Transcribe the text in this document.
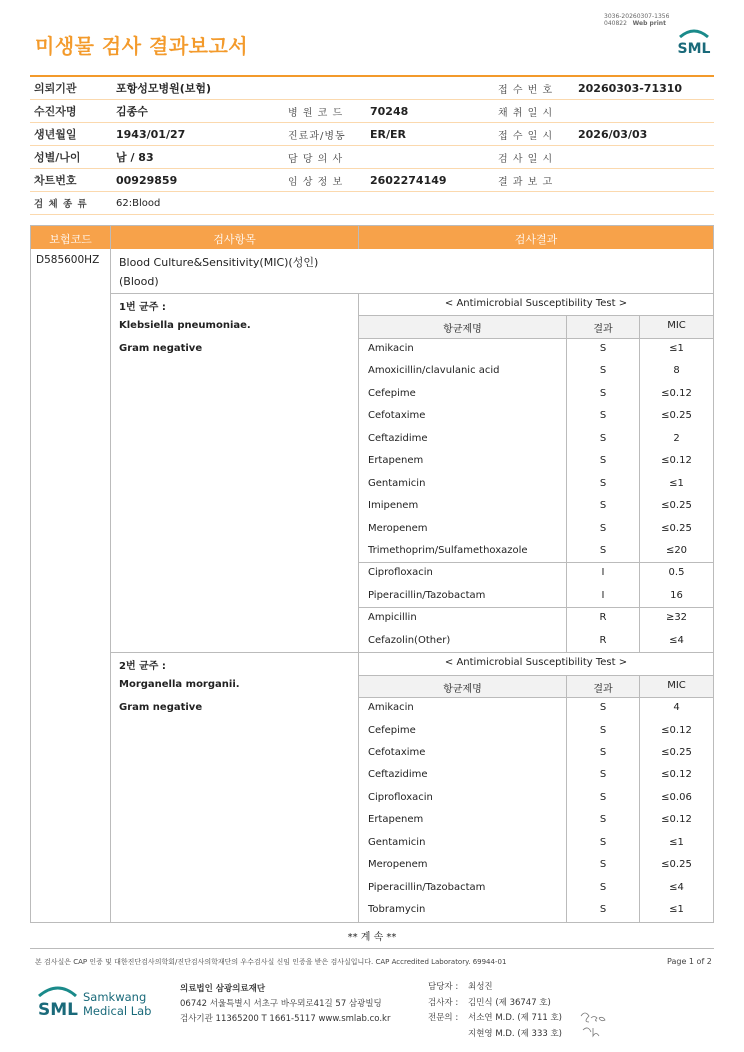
미생물 검사 결과보고서
3036-20260307-1356
040822 Web print
SML
의뢰기관	포항성모병원(보험)			접 수 번 호	20260303-71310
수진자명	김종수	병 원 코 드	70248	채 취 일 시	
생년월일	1943/01/27	진료과/병동	ER/ER	접 수 일 시	2026/03/03
성별/나이	남 / 83	담 당 의 사		검 사 일 시	
차트번호	00929859	임 상 정 보	2602274149	결 과 보 고	
검 체 종 류	62:Blood				
보험코드	검사항목	검사결과
D585600HZ Blood Culture&Sensitivity(MIC)(성인)
(Blood)
1번 균주 :
Klebsiella pneumoniae.
Gram negative
< Antimicrobial Susceptibility Test >
항균제명	결과	MIC
Amikacin	S	≤1
Amoxicillin/clavulanic acid	S	8
Cefepime	S	≤0.12
Cefotaxime	S	≤0.25
Ceftazidime	S	2
Ertapenem	S	≤0.12
Gentamicin	S	≤1
Imipenem	S	≤0.25
Meropenem	S	≤0.25
Trimethoprim/Sulfamethoxazole	S	≤20
Ciprofloxacin	I	0.5
Piperacillin/Tazobactam	I	16
Ampicillin	R	≥32
Cefazolin(Other)	R	≤4
2번 균주 :
Morganella morganii.
Gram negative
< Antimicrobial Susceptibility Test >
항균제명	결과	MIC
Amikacin	S	4
Cefepime	S	≤0.12
Cefotaxime	S	≤0.25
Ceftazidime	S	≤0.12
Ciprofloxacin	S	≤0.06
Ertapenem	S	≤0.12
Gentamicin	S	≤1
Meropenem	S	≤0.25
Piperacillin/Tazobactam	S	≤4
Tobramycin	S	≤1
** 계 속 **
본 검사실은 CAP 인증 및 대한진단검사의학회/진단검사의학재단의 우수검사실 신임 인증을 받은 검사실입니다. CAP Accredited Laboratory. 69944-01	Page 1 of 2
SML
Samkwang
Medical Lab
의료법인 삼광의료재단
06742 서울특별시 서초구 바우뫼로41길 57 삼광빌딩
검사기관 11365200 T 1661-5117 www.smlab.co.kr
담당자 : 최성진
검사자 : 김민식 (제 36747 호)
전문의 : 서소연 M.D. (제 711 호)
지현영 M.D. (제 333 호)
